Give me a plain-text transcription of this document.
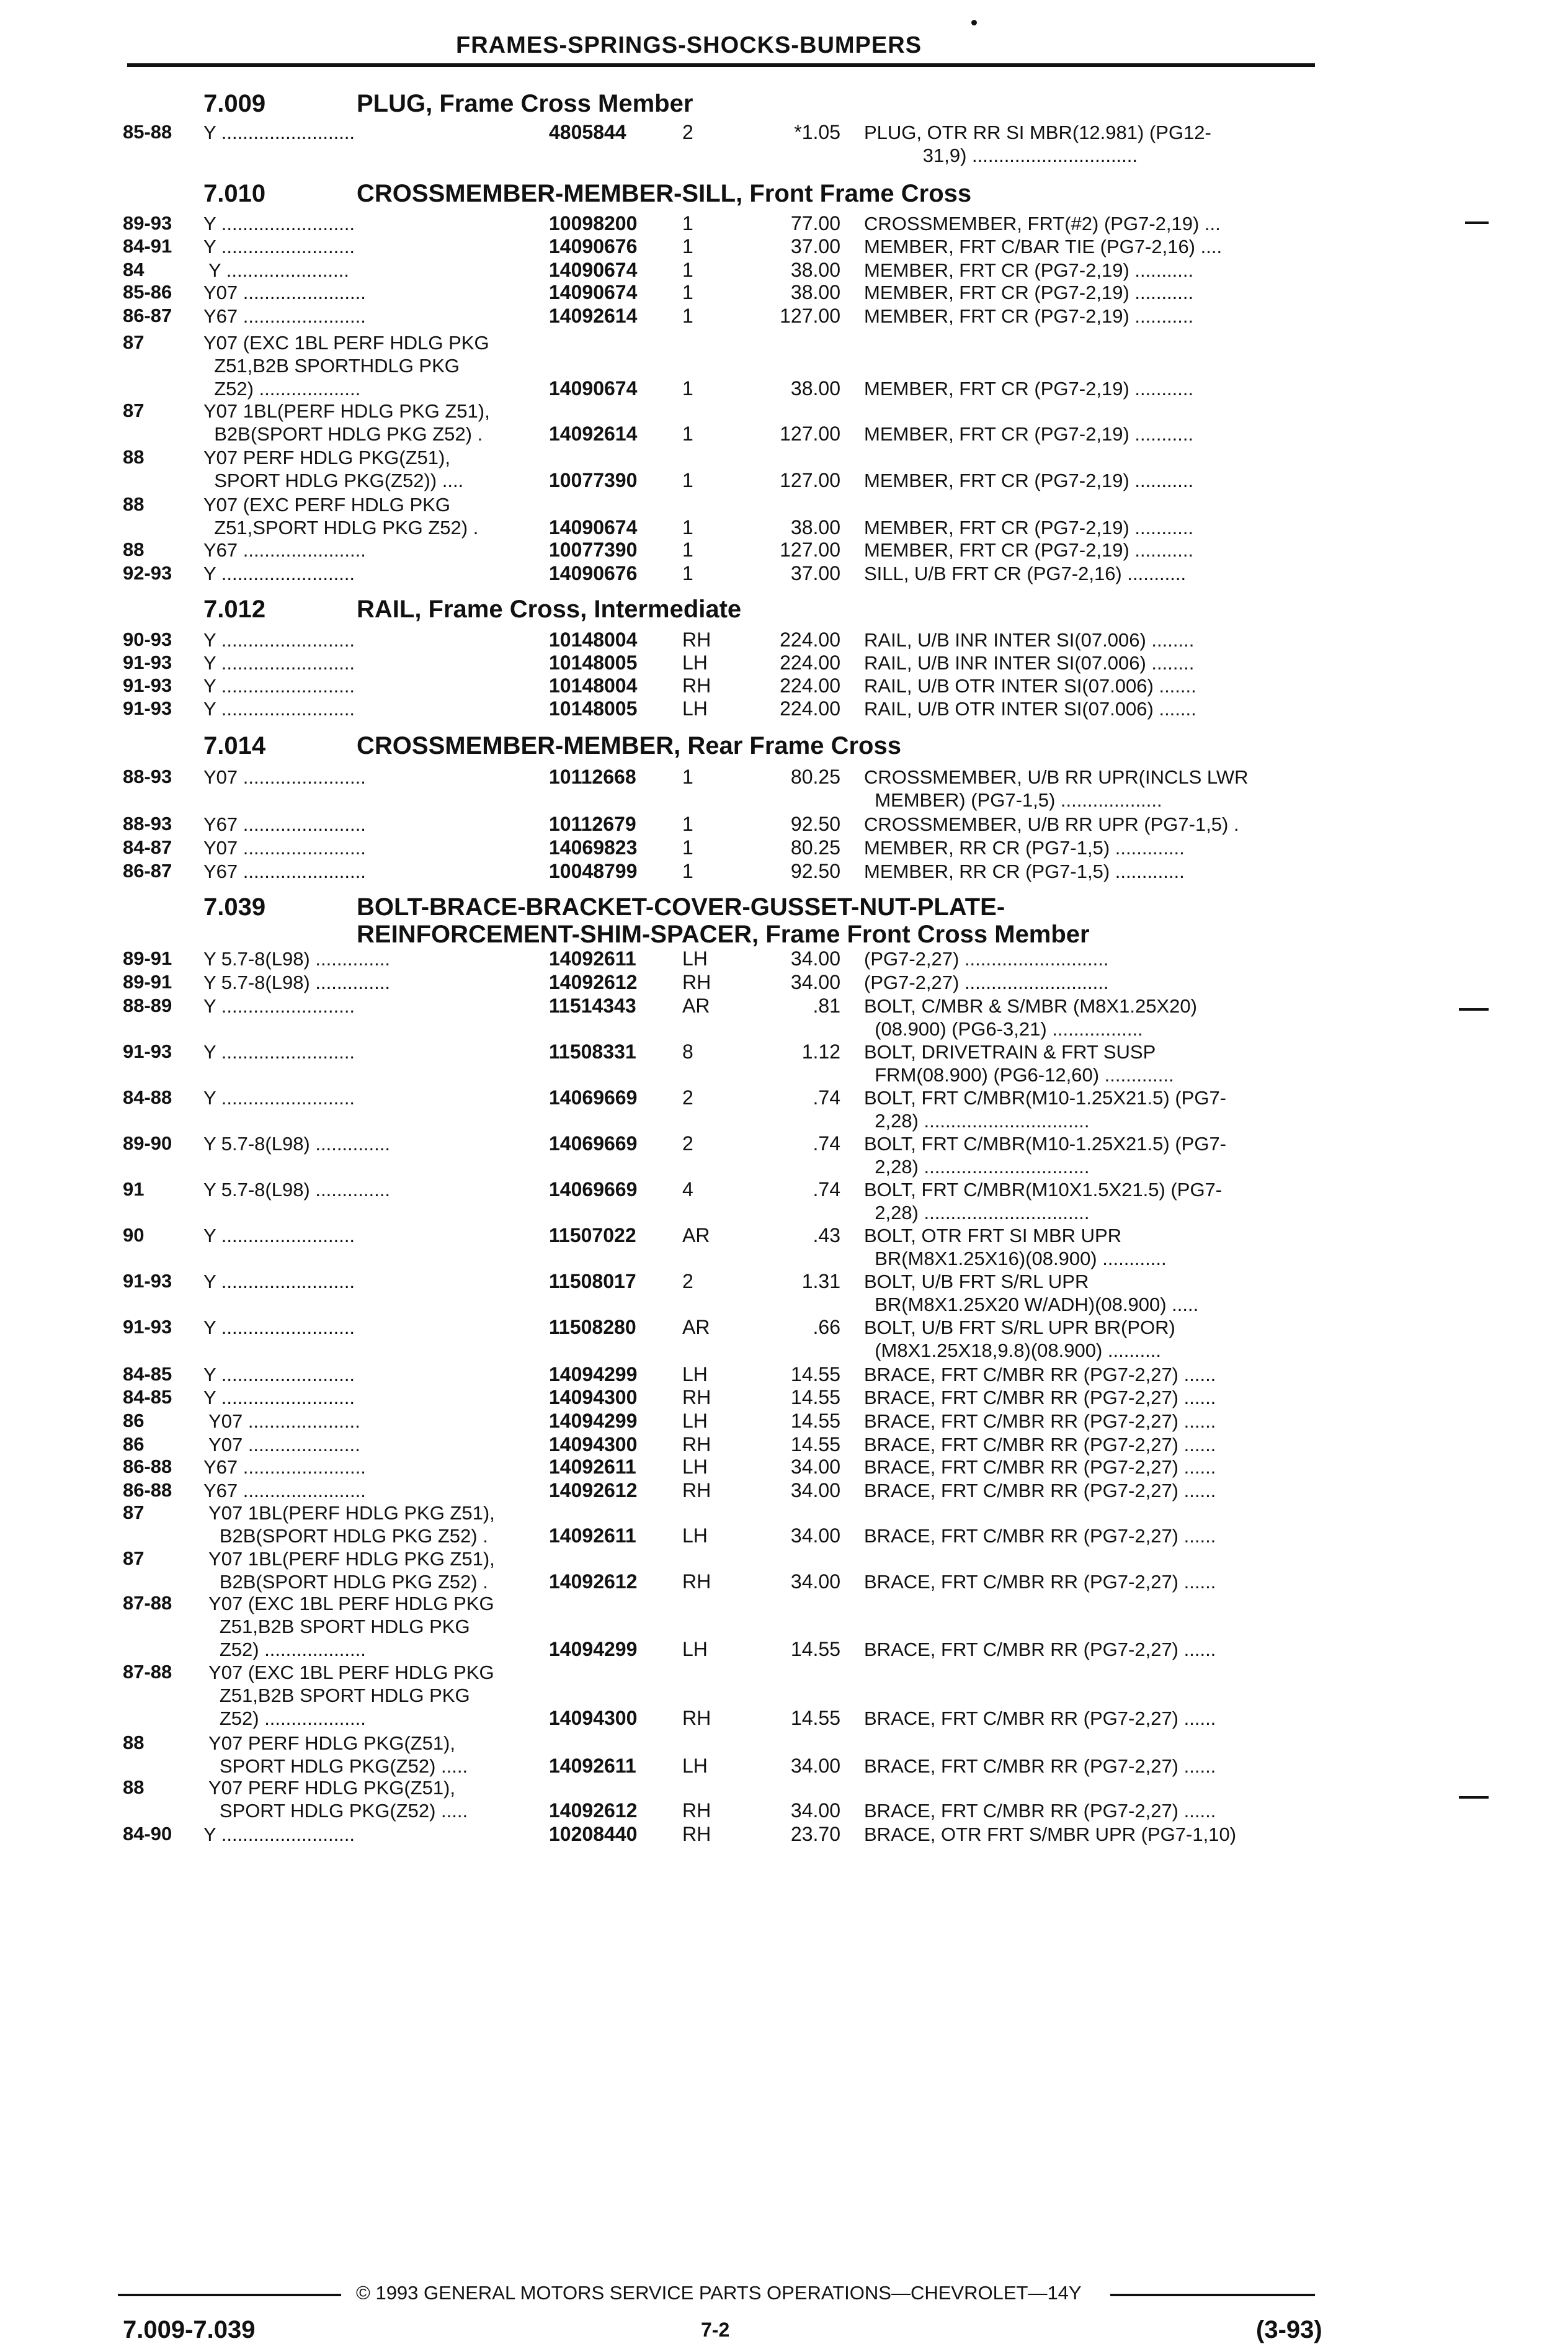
FRAMES-SPRINGS-SHOCKS-BUMPERS
7.009	PLUG, Frame Cross Member
85-88	Y .........................	4805844	2	*1.05 PLUG, OTR RR SI MBR(12.981) (PG12-
31,9) ...............................
7.010	CROSSMEMBER-MEMBER-SILL, Front Frame Cross
89-93	Y .........................	10098200	1	77.00 CROSSMEMBER, FRT(#2) (PG7-2,19) ...
84-91	Y .........................	14090676	1	37.00 MEMBER, FRT C/BAR TIE (PG7-2,16) ....
84	Y .......................	14090674	1	38.00 MEMBER, FRT CR (PG7-2,19) ...........
85-86	Y07 .......................	14090674	1	38.00 MEMBER, FRT CR (PG7-2,19) ...........
86-87	Y67 .......................	14092614	1	127.00 MEMBER, FRT CR (PG7-2,19) ...........
87	Y07 (EXC 1BL PERF HDLG PKG
Z51,B2B SPORTHDLG PKG
Z52) ...................	14090674	1	38.00 MEMBER, FRT CR (PG7-2,19) ...........
87	Y07 1BL(PERF HDLG PKG Z51),
B2B(SPORT HDLG PKG Z52) .	14092614	1	127.00 MEMBER, FRT CR (PG7-2,19) ...........
88	Y07 PERF HDLG PKG(Z51),
SPORT HDLG PKG(Z52)) ....	10077390	1	127.00 MEMBER, FRT CR (PG7-2,19) ...........
88	Y07 (EXC PERF HDLG PKG
Z51,SPORT HDLG PKG Z52) .	14090674	1	38.00 MEMBER, FRT CR (PG7-2,19) ...........
88	Y67 .......................	10077390	1	127.00 MEMBER, FRT CR (PG7-2,19) ...........
92-93	Y .........................	14090676	1	37.00 SILL, U/B FRT CR (PG7-2,16) ...........
7.012	RAIL, Frame Cross, Intermediate
90-93	Y .........................	10148004	RH	224.00 RAIL, U/B INR INTER SI(07.006) ........
91-93	Y .........................	10148005	LH	224.00 RAIL, U/B INR INTER SI(07.006) ........
91-93	Y .........................	10148004	RH	224.00 RAIL, U/B OTR INTER SI(07.006) .......
91-93	Y .........................	10148005	LH	224.00 RAIL, U/B OTR INTER SI(07.006) .......
7.014	CROSSMEMBER-MEMBER, Rear Frame Cross
88-93	Y07 .......................	10112668	1	80.25 CROSSMEMBER, U/B RR UPR(INCLS LWR
MEMBER) (PG7-1,5) ...................
88-93	Y67 .......................	10112679	1	92.50 CROSSMEMBER, U/B RR UPR (PG7-1,5) .
84-87	Y07 .......................	14069823	1	80.25 MEMBER, RR CR (PG7-1,5) .............
86-87	Y67 .......................	10048799	1	92.50 MEMBER, RR CR (PG7-1,5) .............
7.039	BOLT-BRACE-BRACKET-COVER-GUSSET-NUT-PLATE-
REINFORCEMENT-SHIM-SPACER, Frame Front Cross Member
89-91	Y 5.7-8(L98) ..............	14092611	LH	34.00 (PG7-2,27) ...........................
89-91	Y 5.7-8(L98) ..............	14092612	RH	34.00 (PG7-2,27) ...........................
88-89	Y .........................	11514343	AR	.81 BOLT, C/MBR & S/MBR (M8X1.25X20)
(08.900) (PG6-3,21) .................
91-93	Y .........................	11508331	8	1.12 BOLT, DRIVETRAIN & FRT SUSP
FRM(08.900) (PG6-12,60) .............
84-88	Y .........................	14069669	2	.74 BOLT, FRT C/MBR(M10-1.25X21.5) (PG7-
2,28) ...............................
89-90	Y 5.7-8(L98) ..............	14069669	2	.74 BOLT, FRT C/MBR(M10-1.25X21.5) (PG7-
2,28) ...............................
91	Y 5.7-8(L98) ..............	14069669	4	.74 BOLT, FRT C/MBR(M10X1.5X21.5) (PG7-
2,28) ...............................
90	Y .........................	11507022	AR	.43 BOLT, OTR FRT SI MBR UPR
BR(M8X1.25X16)(08.900) ............
91-93	Y .........................	11508017	2	1.31 BOLT, U/B FRT S/RL UPR
BR(M8X1.25X20 W/ADH)(08.900) .....
91-93	Y .........................	11508280	AR	.66 BOLT, U/B FRT S/RL UPR BR(POR)
(M8X1.25X18,9.8)(08.900) ..........
84-85	Y .........................	14094299	LH	14.55 BRACE, FRT C/MBR RR (PG7-2,27) ......
84-85	Y .........................	14094300	RH	14.55 BRACE, FRT C/MBR RR (PG7-2,27) ......
86	Y07 .....................	14094299	LH	14.55 BRACE, FRT C/MBR RR (PG7-2,27) ......
86	Y07 .....................	14094300	RH	14.55 BRACE, FRT C/MBR RR (PG7-2,27) ......
86-88	Y67 .......................	14092611	LH	34.00 BRACE, FRT C/MBR RR (PG7-2,27) ......
86-88	Y67 .......................	14092612	RH	34.00 BRACE, FRT C/MBR RR (PG7-2,27) ......
87	Y07 1BL(PERF HDLG PKG Z51),
B2B(SPORT HDLG PKG Z52) .	14092611	LH	34.00 BRACE, FRT C/MBR RR (PG7-2,27) ......
87	Y07 1BL(PERF HDLG PKG Z51),
B2B(SPORT HDLG PKG Z52) .	14092612	RH	34.00 BRACE, FRT C/MBR RR (PG7-2,27) ......
87-88	Y07 (EXC 1BL PERF HDLG PKG
Z51,B2B SPORT HDLG PKG
Z52) ...................	14094299	LH	14.55 BRACE, FRT C/MBR RR (PG7-2,27) ......
87-88	Y07 (EXC 1BL PERF HDLG PKG
Z51,B2B SPORT HDLG PKG
Z52) ...................	14094300	RH	14.55 BRACE, FRT C/MBR RR (PG7-2,27) ......
88	Y07 PERF HDLG PKG(Z51),
SPORT HDLG PKG(Z52) .....	14092611	LH	34.00 BRACE, FRT C/MBR RR (PG7-2,27) ......
88	Y07 PERF HDLG PKG(Z51),
SPORT HDLG PKG(Z52) .....	14092612	RH	34.00 BRACE, FRT C/MBR RR (PG7-2,27) ......
84-90	Y .........................	10208440	RH	23.70 BRACE, OTR FRT S/MBR UPR (PG7-1,10)
© 1993 GENERAL MOTORS SERVICE PARTS OPERATIONS—CHEVROLET—14Y
7.009-7.039	7-2	(3-93)
